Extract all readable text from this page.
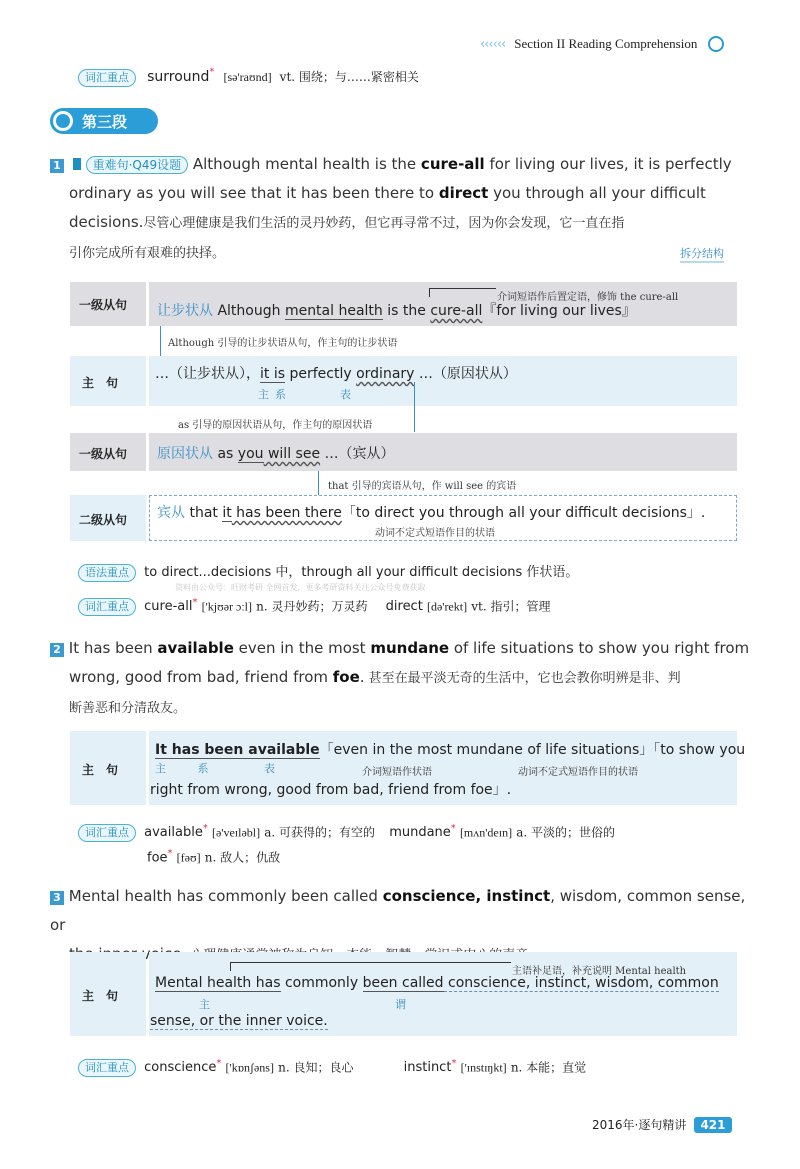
‹‹‹‹‹‹ Section II Reading Comprehension
词汇重点 surround* [sə'raʊnd] vt. 围绕；与……紧密相关
第三段
1	重难句·Q49设题 Although mental health is the cure-all for living our lives, it is perfectly
ordinary as you will see that it has been there to direct you through all your difficult
decisions.尽管心理健康是我们生活的灵丹妙药，但它再寻常不过，因为你会发现，它一直在指
引你完成所有艰难的抉择。	拆分结构
一级从句
介词短语作后置定语，修饰 the cure-all
让步状从 Although mental health is the cure-all『for living our lives』
Although 引导的让步状语从句，作主句的让步状语
主　句
…（让步状从），it is perfectly ordinary …（原因状从）
主系	表
as 引导的原因状语从句，作主句的原因状语
一级从句 原因状从 as you will see …（宾从）
that 引导的宾语从句，作 will see 的宾语
二级从句 宾从 that it has been there「to direct you through all your difficult decisions」.
动词不定式短语作目的状语
语法重点 to direct...decisions 中，through all your difficult decisions 作状语。
资料由公众号：旺财考研 全网首发，更多考研资料关注公众号免费获取
词汇重点 cure-all* ['kjʊər ɔːl] n. 灵丹妙药；万灵药 direct [də'rekt] vt. 指引；管理
2 It has been available even in the most mundane of life situations to show you right from
wrong, good from bad, friend from foe. 甚至在最平淡无奇的生活中，它也会教你明辨是非、判
断善恶和分清敌友。
主　句
It has been available「even in the most mundane of life situations」「to show you
主	系	表	介词短语作状语	动词不定式短语作目的状语
right from wrong, good from bad, friend from foe」.
词汇重点 available* [ə'veɪləbl] a. 可获得的；有空的 mundane* [mʌn'deɪn] a. 平淡的；世俗的
foe* [fəʊ] n. 敌人；仇敌
3 Mental health has commonly been called conscience, instinct, wisdom, common sense, or
主　句
主语补足语，补充说明 Mental health
Mental health has commonly been called conscience, instinct, wisdom, common
主	谓
sense, or the inner voice.
词汇重点 conscience* ['kɒnʃəns] n. 良知；良心	instinct* ['ɪnstɪŋkt] n. 本能；直觉
2016年·逐句精讲 421
